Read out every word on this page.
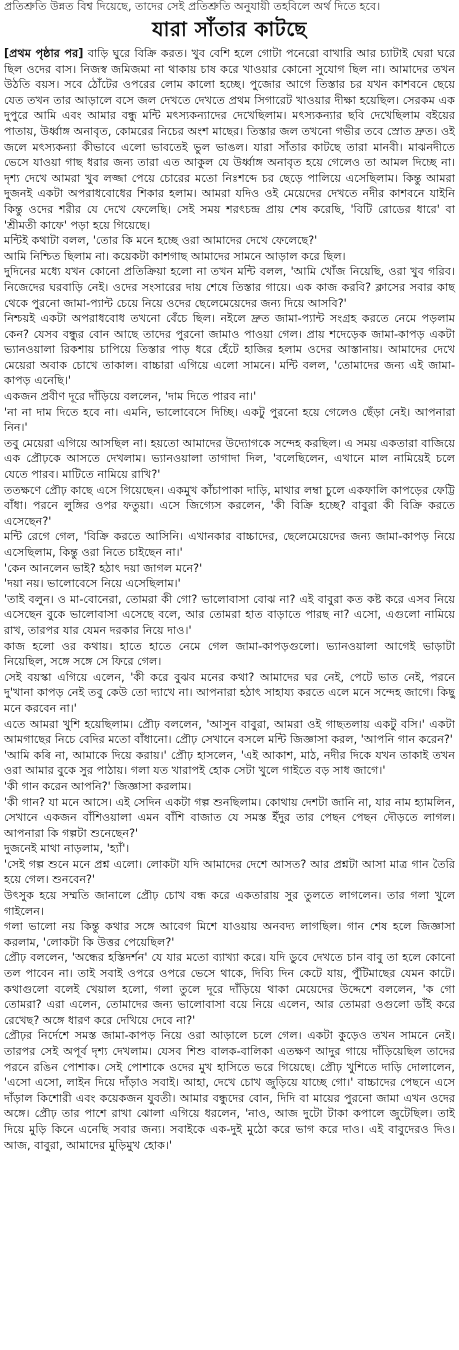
প্রতিশ্রুতি উন্নত বিশ্ব দিয়েছে, তাদের সেই প্রতিশ্রুতি অনুযায়ী তহবিলে অর্থ দিতে হবে।
যারা সাঁতার কাটছে

[প্রথম পৃষ্ঠার পর] বাড়ি ঘুরে বিক্রি করত। খুব বেশি হলে গোটা পনেরো বাখারি আর চ্যাটাই ঘেরা ঘরে ছিল ওদের বাস। নিজস্ব জমিজমা না থাকায় চাষ করে খাওয়ার কোনো সুযোগ ছিল না। আমাদের তখন উঠতি বয়স। সবে ঠোঁটের ওপরের লোম কালো হচ্ছে। পুজোর আগে তিস্তার চর যখন কাশবনে ছেয়ে যেত তখন তার আড়ালে বসে জল দেখতে দেখতে প্রথম সিগারেট খাওয়ার দীক্ষা হয়েছিল। সেরকম এক দুপুরে আমি এবং আমার বন্ধু মন্টি মৎস্যকন্যাদের দেখেছিলাম। মৎস্যকন্যার ছবি দেখেছিলাম বইয়ের পাতায়, উর্ধ্বাঙ্গ অনাবৃত, কোমরের নিচের অংশ মাছের। তিস্তার জল তখনো গভীর তবে স্রোত দ্রুত। ওই জলে মৎস্যকন্যা কীভাবে এলো ভাবতেই ভুল ভাঙল। যারা সাঁতার কাটছে তারা মানবী। মাঝনদীতে ভেসে যাওয়া গাছ ধরার জন্য তারা এত আকুল যে উর্ধ্বাঙ্গ অনাবৃত হয়ে গেলেও তা আমল দিচ্ছে না। দৃশ্য দেখে আমরা খুব লজ্জা পেয়ে চোরের মতো নিঃশব্দে চর ছেড়ে পালিয়ে এসেছিলাম। কিন্তু আমরা দুজনই একটা অপরাধবোধের শিকার হলাম। আমরা যদিও ওই মেয়েদের দেখতে নদীর কাশবনে যাইনি কিন্তু ওদের শরীর যে দেখে ফেলেছি। সেই সময় শরৎচন্দ্র প্রায় শেষ করেছি, 'বিটি রোডের ধারে' বা 'শ্রীমতী কাফে' পড়া হয়ে গিয়েছে।

মন্টিই কথাটা বলল, 'তোর কি মনে হচ্ছে ওরা আমাদের দেখে ফেলেছে?'

আমি নিশ্চিত ছিলাম না। কয়েকটা কাশগাছ আমাদের সামনে আড়াল করে ছিল।

দুদিনের মধ্যে যখন কোনো প্রতিক্রিয়া হলো না তখন মন্টি বলল, 'আমি খোঁজ নিয়েছি, ওরা খুব গরিব। নিজেদের ঘরবাড়ি নেই। ওদের সংসারের দায় শেষে তিস্তার গায়ে। এক কাজ করবি? ক্লাসের সবার কাছ থেকে পুরনো জামা-প্যান্ট চেয়ে নিয়ে ওদের ছেলেমেয়েদের জন্য দিয়ে আসবি?'

নিশ্চয়ই একটা অপরাধবোধ তখনো বেঁচে ছিল। নইলে দ্রুত জামা-প্যান্ট সংগ্রহ করতে নেমে পড়লাম কেন? যেসব বন্ধুর বোন আছে তাদের পুরনো জামাও পাওয়া গেল। প্রায় শদেড়েক জামা-কাপড় একটা ভ্যানওয়ালা রিকশায় চাপিয়ে তিস্তার পাড় ধরে হেঁটে হাজির হলাম ওদের আস্তানায়। আমাদের দেখে মেয়েরা অবাক চোখে তাকাল। বাচ্চারা এগিয়ে এলো সামনে। মন্টি বলল, 'তোমাদের জন্য এই জামা-কাপড় এনেছি।'

একজন প্রবীণ দূরে দাঁড়িয়ে বললেন, 'দাম দিতে পারব না।'

'না না দাম দিতে হবে না। এমনি, ভালোবেসে দিচ্ছি। একটু পুরনো হয়ে গেলেও ছেঁড়া নেই। আপনারা নিন।'

তবু মেয়েরা এগিয়ে আসছিল না। হয়তো আমাদের উদ্যোগকে সন্দেহ করছিল। এ সময় একতারা বাজিয়ে এক প্রৌঢ়কে আসতে দেখলাম। ভ্যানওয়ালা তাগাদা দিল, 'বলেছিলেন, এখানে মাল নামিয়েই চলে যেতে পারব। মাটিতে নামিয়ে রাখি?'

ততক্ষণে প্রৌঢ় কাছে এসে গিয়েছেন। একমুখ কাঁচাপাকা দাড়ি, মাথার লম্বা চুলে একফালি কাপড়ের ফেট্টি বাঁধা। পরনে লুঙ্গির ওপর ফতুয়া। এসে জিগ্যেস করলেন, 'কী বিক্রি হচ্ছে? বাবুরা কী বিক্রি করতে এসেছেন?'

মন্টি রেগে গেল, 'বিক্রি করতে আসিনি। এখানকার বাচ্চাদের, ছেলেমেয়েদের জন্য জামা-কাপড় নিয়ে এসেছিলাম, কিন্তু ওরা নিতে চাইছেন না।'

'কেন আনলেন ভাই? হঠাৎ দয়া জাগল মনে?'

'দয়া নয়। ভালোবেসে নিয়ে এসেছিলাম।'

'তাই বলুন। ও মা-বোনেরা, তোমরা কী গো? ভালোবাসা বোঝ না? এই বাবুরা কত কষ্ট করে এসব নিয়ে এসেছেন বুকে ভালোবাসা এসেছে বলে, আর তোমরা হাত বাড়াতে পারছ না? এসো, এগুলো নামিয়ে রাখ, তারপর যার যেমন দরকার নিয়ে দাও।'

কাজ হলো ওর কথায়। হাতে হাতে নেমে গেল জামা-কাপড়গুলো। ভ্যানওয়ালা আগেই ভাড়াটা নিয়েছিল, সঙ্গে সঙ্গে সে ফিরে গেল।

সেই বয়স্কা এগিয়ে এলেন, 'কী করে বুঝব মনের কথা? আমাদের ঘর নেই, পেটে ভাত নেই, পরনে দু'খানা কাপড় নেই তবু কেউ তো দ্যাখে না। আপনারা হঠাৎ সাহায্য করতে এলে মনে সন্দেহ জাগে। কিছু মনে করবেন না।'

এতে আমরা খুশি হয়েছিলাম। প্রৌঢ় বললেন, 'আসুন বাবুরা, আমরা ওই গাছতলায় একটু বসি।' একটা আমগাছের নিচে বেদির মতো বাঁধানো। প্রৌঢ় সেখানে বসলে মন্টি জিজ্ঞাসা করল, 'আপনি গান করেন?'

'আমি কৰি না, আমাকে দিয়ে করায়।' প্রৌঢ় হাসলেন, 'এই আকাশ, মাঠ, নদীর দিকে যখন তাকাই তখন ওরা আমার বুকে সুর পাঠায়। গলা যত খারাপই হোক সেটা খুলে গাইতে বড় সাধ জাগে।'

'কী গান করেন আপনি?' জিজ্ঞাসা করলাম।

'কী গান? যা মনে আসে। এই সেদিন একটা গল্প শুনছিলাম। কোথায় দেশটা জানি না, যার নাম হ্যামলিন, সেখানে একজন বাঁশিওয়ালা এমন বাঁশি বাজাত যে সমস্ত ইঁদুর তার পেছন পেছন দৌড়তে লাগল। আপনারা কি গল্পটা শুনেছেন?'

দুজনেই মাথা নাড়লাম, 'হ্যাঁ'।

'সেই গল্প শুনে মনে প্রশ্ন এলো। লোকটা যদি আমাদের দেশে আসত? আর প্রশ্নটা আসা মাত্র গান তৈরি হয়ে গেল। শুনবেন?'

উৎসুক হয়ে সম্মতি জানালে প্রৌঢ় চোখ বন্ধ করে একতারায় সুর তুলতে লাগলেন। তার গলা খুলে গাইলেন।

গলা ভালো নয় কিন্তু কথার সঙ্গে আবেগ মিশে যাওয়ায় অনবদ্য লাগছিল। গান শেষ হলে জিজ্ঞাসা করলাম, 'লোকটা কি উত্তর পেয়েছিল?'

প্রৌঢ় বললেন, 'অন্ধের হস্তিদর্শন' যে যার মতো ব্যাখ্যা করে। যদি ডুবে দেখতে চান বাবু তা হলে কোনো তল পাবেন না। তাই সবাই ওপরে ওপরে ভেসে থাকে, দিব্যি দিন কেটে যায়, পুঁটিমাছের যেমন কাটে। কথাগুলো বলেই খেয়াল হলো, গলা তুলে দূরে দাঁড়িয়ে থাকা মেয়েদের উদ্দেশে বললেন, 'ক গো তোমরা? এরা এলেন, তোমাদের জন্য ভালোবাসা বয়ে নিয়ে এলেন, আর তোমরা ওগুলো ডাঁই করে রেখেছ? অঙ্গে ধারণ করে দেখিয়ে দেবে না?'

প্রৌঢ়র নির্দেশে সমস্ত জামা-কাপড় নিয়ে ওরা আড়ালে চলে গেল। একটা কুড়েও তখন সামনে নেই। তারপর সেই অপূর্ব দৃশ্য দেখলাম। যেসব শিশু বালক-বালিকা এতক্ষণ আদুর গায়ে দাঁড়িয়েছিল তাদের পরনে রঙিন পোশাক। সেই পোশাকে ওদের মুখ হাসিতে ভরে গিয়েছে। প্রৌঢ় খুশিতে দাড়ি দোলালেন, 'এসো এসো, লাইন দিয়ে দাঁড়াও সবাই। আহা, দেখে চোখ জুড়িয়ে যাচ্ছে গো।' বাচ্চাদের পেছনে এসে দাঁড়াল কিশোরী এবং কয়েকজন যুবতী। আমার বন্ধুদের বোন, দিদি বা মায়ের পুরনো জামা এখন ওদের অঙ্গে। প্রৌঢ় তার পাশে রাখা ঝোলা এগিয়ে ধরলেন, 'নাও, আজ দুটো টাকা কপালে জুটেছিল। তাই দিয়ে মুড়ি কিনে এনেছি সবার জন্য। সবাইকে এক-দুই মুঠো করে ভাগ করে দাও। এই বাবুদেরও দিও। আজ, বাবুরা, আমাদের মুড়িমুখ হোক।'
